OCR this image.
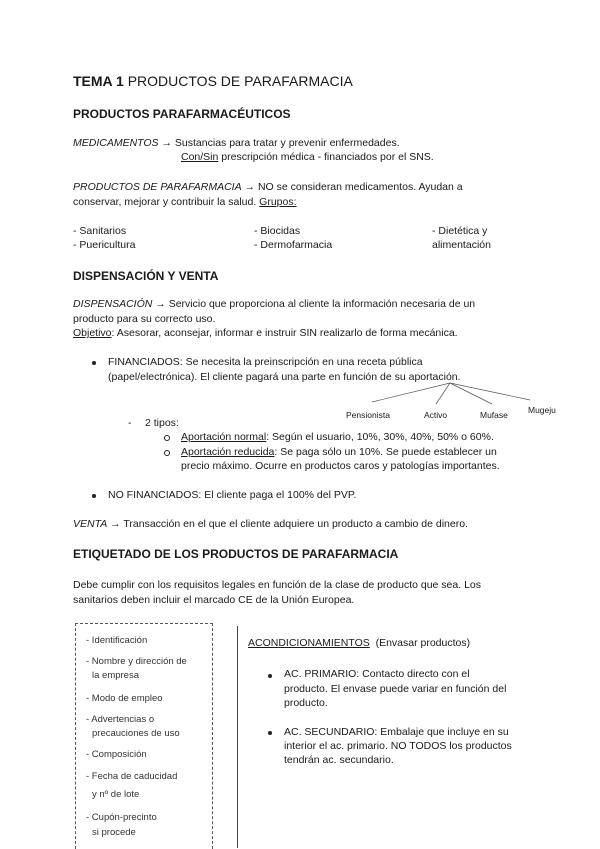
TEMA 1 PRODUCTOS DE PARAFARMACIA
PRODUCTOS PARAFARMACÉUTICOS
MEDICAMENTOS → Sustancias para tratar y prevenir enfermedades.
Con/Sin prescripción médica - financiados por el SNS.
PRODUCTOS DE PARAFARMACIA → NO se consideran medicamentos. Ayudan a
conservar, mejorar y contribuir la salud. Grupos:
- Sanitarios
- Puericultura
- Biocidas
- Dermofarmacia
- Dietética y
alimentación
DISPENSACIÓN Y VENTA
DISPENSACIÓN → Servicio que proporciona al cliente la información necesaria de un
producto para su correcto uso.
Objetivo: Asesorar, aconsejar, informar e instruir SIN realizarlo de forma mecánica.
FINANCIADOS: Se necesita la preinscripción en una receta pública
(papel/electrónica). El cliente pagará una parte en función de su aportación.
Pensionista	Activo	Mufase Mugeju
- 2 tipos:
Aportación normal: Según el usuario, 10%, 30%, 40%, 50% o 60%.
Aportación reducida: Se paga sólo un 10%. Se puede establecer un
precio máximo. Ocurre en productos caros y patologías importantes.
NO FINANCIADOS: El cliente paga el 100% del PVP.
VENTA → Transacción en el que el cliente adquiere un producto a cambio de dinero.
ETIQUETADO DE LOS PRODUCTOS DE PARAFARMACIA
Debe cumplir con los requisitos legales en función de la clase de producto que sea. Los
sanitarios deben incluir el marcado CE de la Unión Europea.
- Identificación
- Nombre y dirección de
la empresa
- Modo de empleo
- Advertencias o
precauciones de uso
- Composición
- Fecha de caducidad
y nº de lote
- Cupón-precinto
si procede
ACONDICIONAMIENTOS (Envasar productos)
AC. PRIMARIO: Contacto directo con el
producto. El envase puede variar en función del
producto.
AC. SECUNDARIO: Embalaje que incluye en su
interior el ac. primario. NO TODOS los productos
tendrán ac. secundario.
